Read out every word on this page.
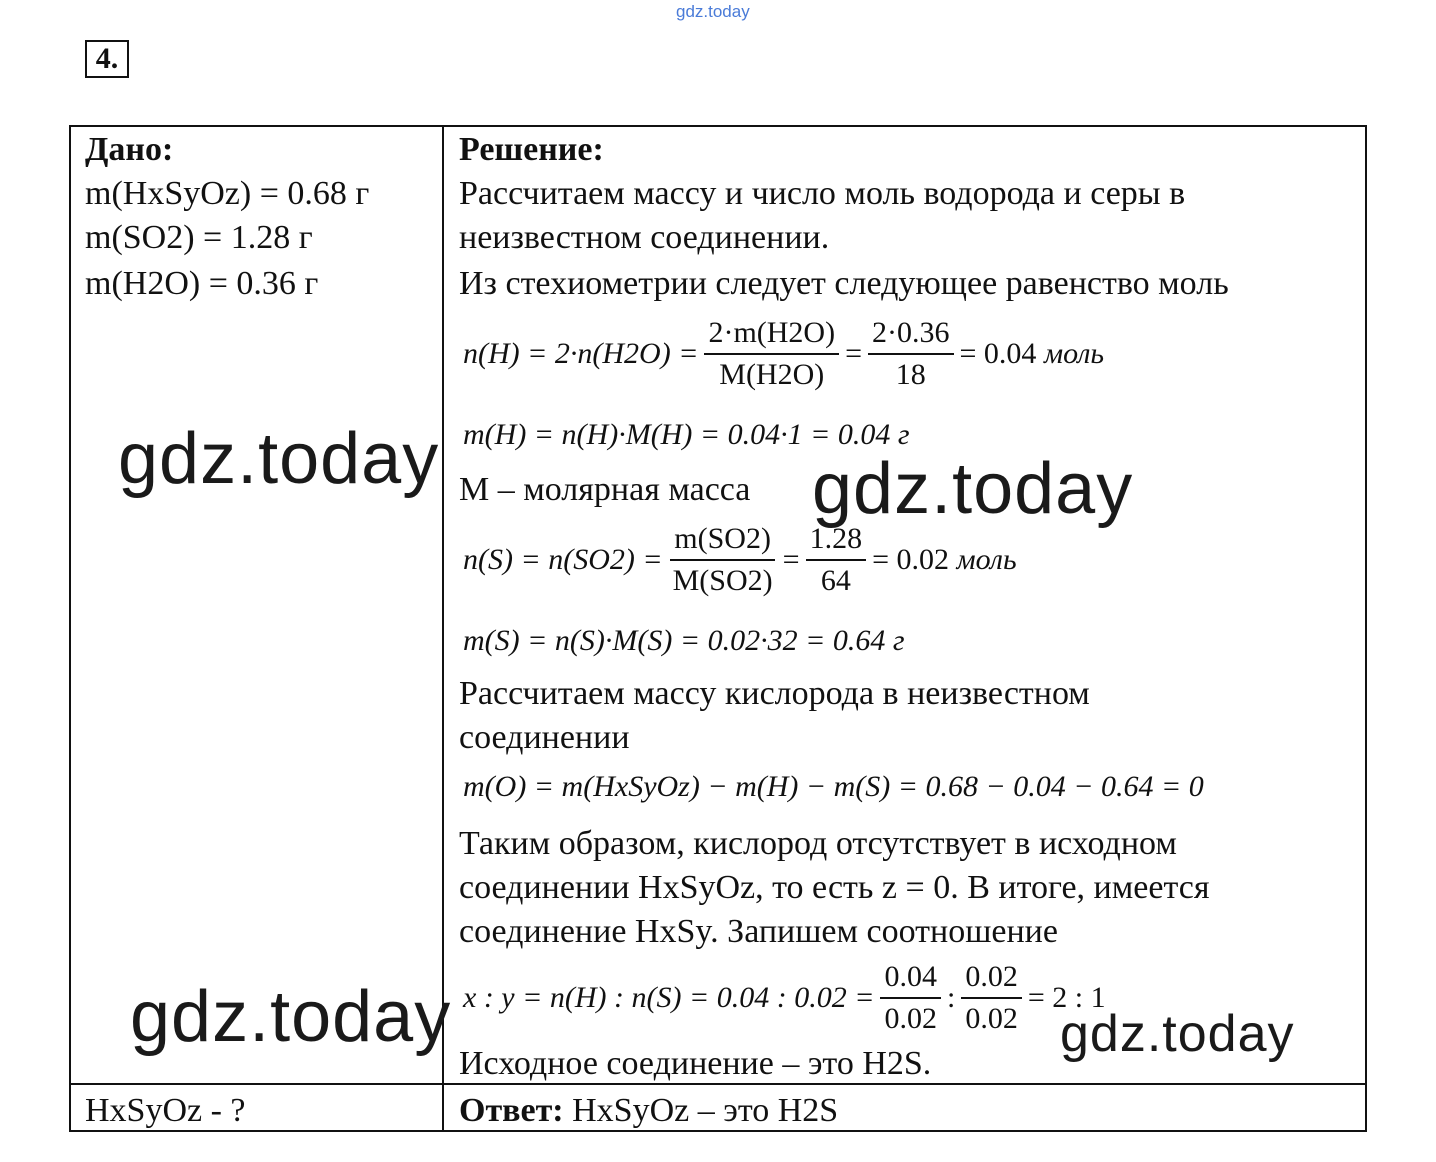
gdz.today
4.
Дано:
m(HxSyOz) = 0.68 г
m(SO2) = 1.28 г
m(H2O) = 0.36 г
HxSyOz - ?
Решение:
Рассчитаем массу и число моль водорода и серы в
неизвестном соединении.
Из стехиометрии следует следующее равенство моль
$n(H) = 2\cdot n(H2O) = \frac{2\cdot m(H2O)}{M(H2O)} = \frac{2\cdot 0.36}{18} = 0.04$
моль
m(H) = n(H)·M(H) = 0.04·1 = 0.04
г
М – молярная масса
$n(S) = n(SO2) = \frac{m(SO2)}{M(SO2)} = \frac{1.28}{64} = 0.02$
моль
m(S) = n(S)·M(S) = 0.02·32 = 0.64
г
Рассчитаем массу кислорода в неизвестном
соединении
m(O) = m(HxSyOz) − m(H) − m(S) = 0.68 − 0.04 − 0.64 = 0
Таким образом, кислород отсутствует в исходном
соединении HxSyOz, то есть z = 0. В итоге, имеется
соединение HxSy. Запишем соотношение
x : y = n(H) : n(S) = 0.04 : $0.02 = \frac{0.04}{0.02}$ : $\frac{0.02}{0.02} = 2$ : 1
Исходное соединение – это H2S.
Ответ: HxSyOz – это H2S
gdz.today	gdz.today
gdz.today	gdz.today
